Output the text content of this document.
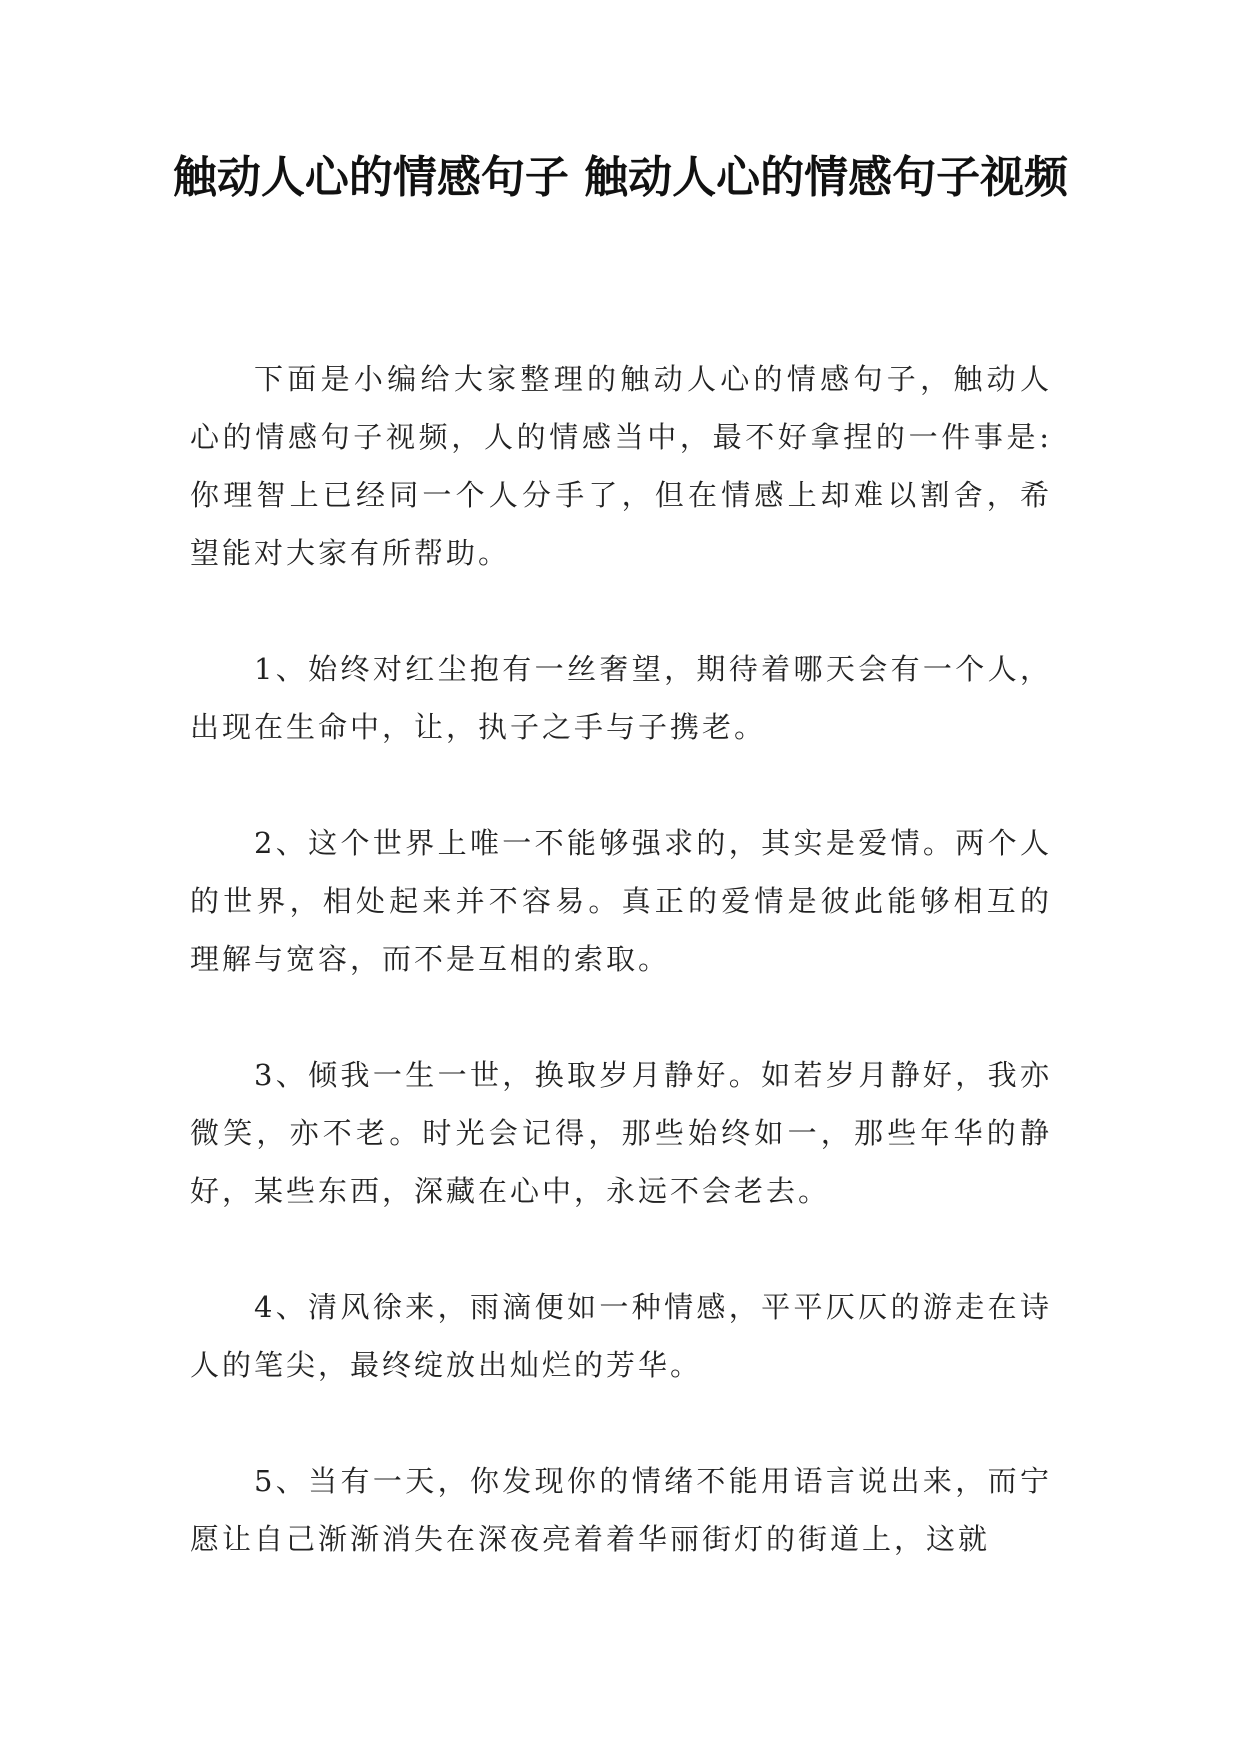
触动人心的情感句子 触动人心的情感句子视频

下面是小编给大家整理的触动人心的情感句子，触动人心的情感句子视频，人的情感当中，最不好拿捏的一件事是:你理智上已经同一个人分手了，但在情感上却难以割舍，希望能对大家有所帮助。

1、始终对红尘抱有一丝奢望，期待着哪天会有一个人，出现在生命中，让，执子之手与子携老。

2、这个世界上唯一不能够强求的，其实是爱情。两个人的世界，相处起来并不容易。真正的爱情是彼此能够相互的理解与宽容，而不是互相的索取。

3、倾我一生一世，换取岁月静好。如若岁月静好，我亦微笑，亦不老。时光会记得，那些始终如一，那些年华的静好，某些东西，深藏在心中，永远不会老去。

4、清风徐来，雨滴便如一种情感，平平仄仄的游走在诗人的笔尖，最终绽放出灿烂的芳华。

5、当有一天，你发现你的情绪不能用语言说出来，而宁愿让自己渐渐消失在深夜亮着着华丽街灯的街道上，这就
